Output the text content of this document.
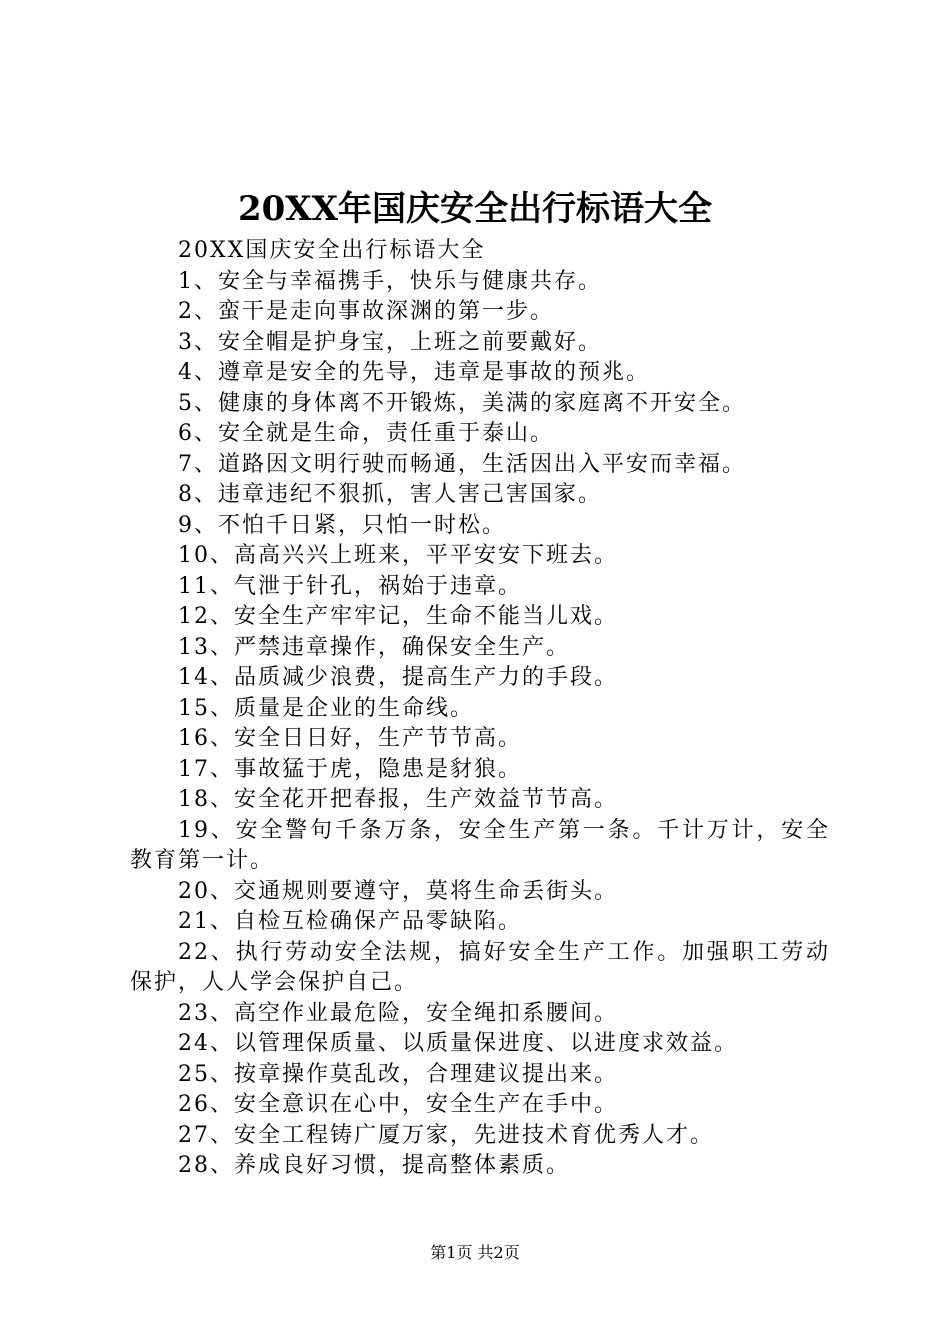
20XX年国庆安全出行标语大全

20XX国庆安全出行标语大全

1、安全与幸福携手，快乐与健康共存。

2、蛮干是走向事故深渊的第一步。

3、安全帽是护身宝，上班之前要戴好。

4、遵章是安全的先导，违章是事故的预兆。

5、健康的身体离不开锻炼，美满的家庭离不开安全。

6、安全就是生命，责任重于泰山。

7、道路因文明行驶而畅通，生活因出入平安而幸福。

8、违章违纪不狠抓，害人害己害国家。

9、不怕千日紧，只怕一时松。

10、高高兴兴上班来，平平安安下班去。

11、气泄于针孔，祸始于违章。

12、安全生产牢牢记，生命不能当儿戏。

13、严禁违章操作，确保安全生产。

14、品质减少浪费，提高生产力的手段。

15、质量是企业的生命线。

16、安全日日好，生产节节高。

17、事故猛于虎，隐患是豺狼。

18、安全花开把春报，生产效益节节高。

19、安全警句千条万条，安全生产第一条。千计万计，安全教育第一计。

20、交通规则要遵守，莫将生命丢街头。

21、自检互检确保产品零缺陷。

22、执行劳动安全法规，搞好安全生产工作。加强职工劳动保护，人人学会保护自己。

23、高空作业最危险，安全绳扣系腰间。

24、以管理保质量、以质量保进度、以进度求效益。

25、按章操作莫乱改，合理建议提出来。

26、安全意识在心中，安全生产在手中。

27、安全工程铸广厦万家，先进技术育优秀人才。

28、养成良好习惯，提高整体素质。

第1页 共2页
